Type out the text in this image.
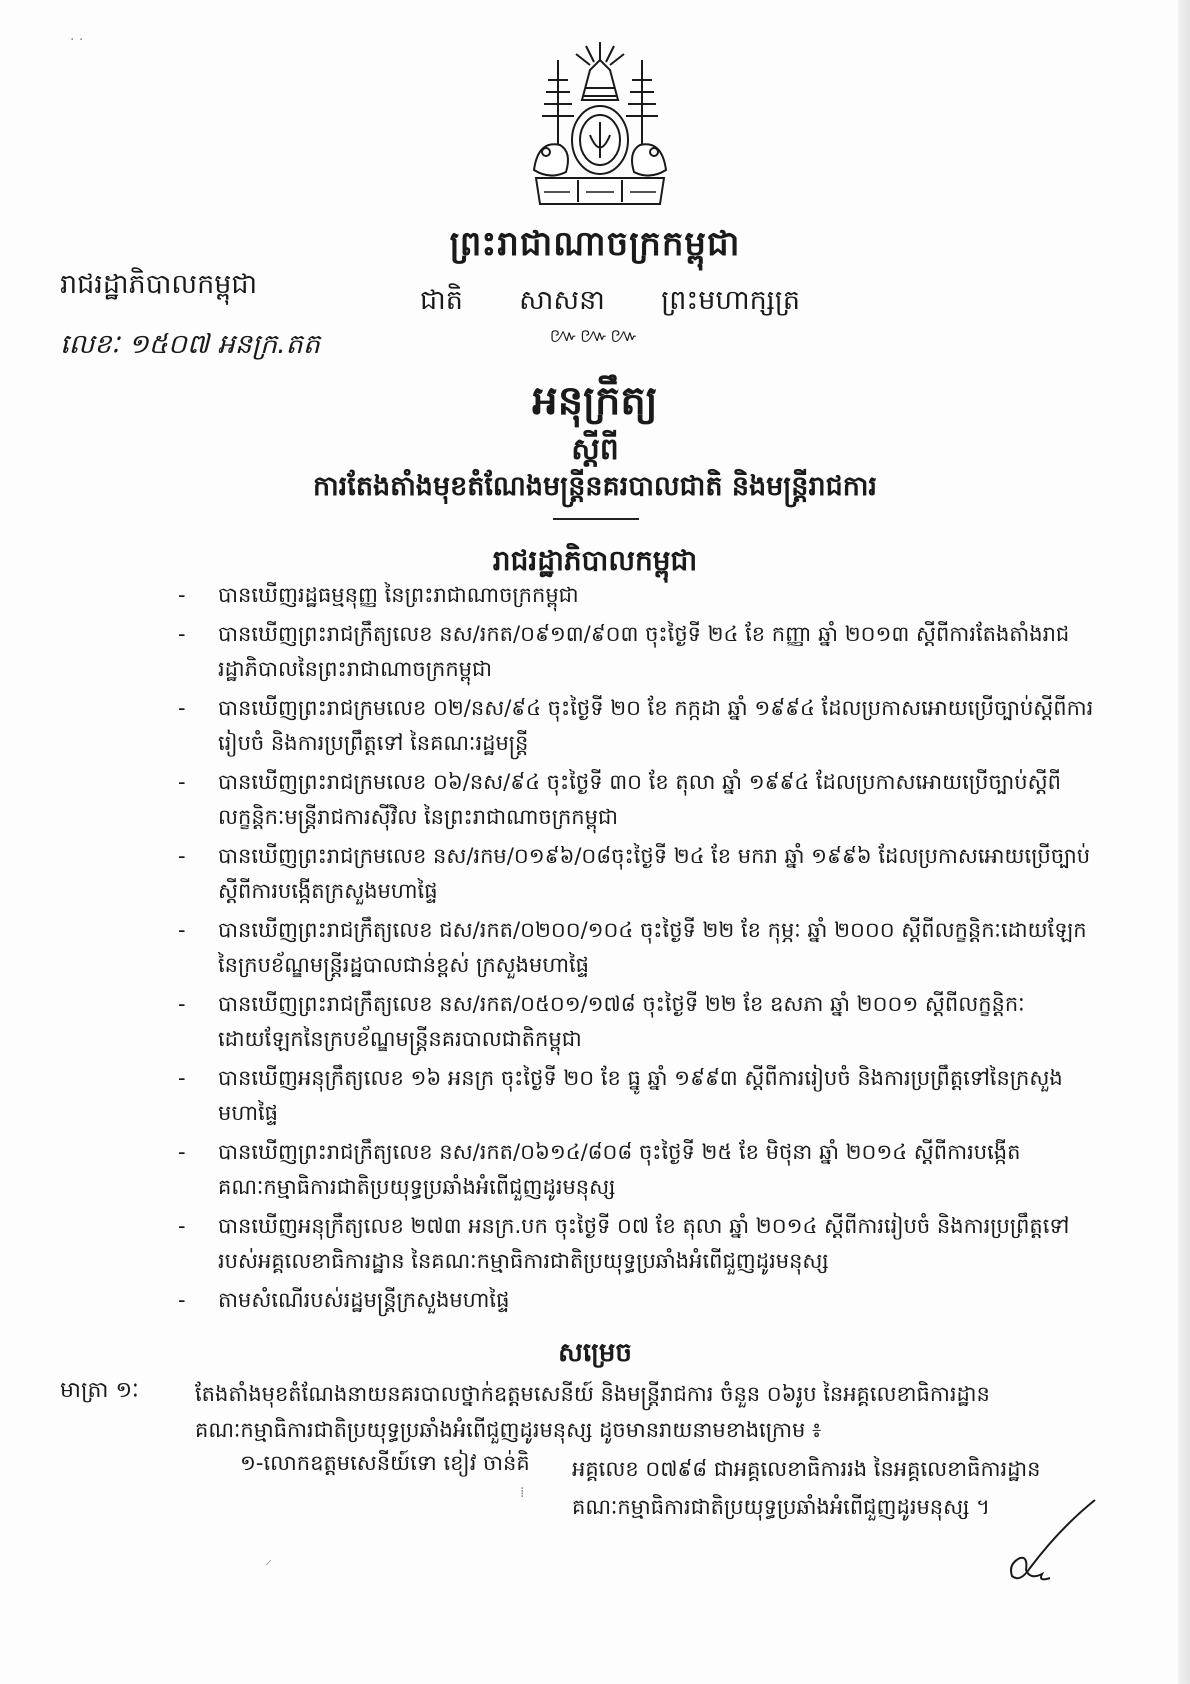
· ·
⸝
⁞
ព្រះរាជាណាចក្រកម្ពុជា
ជាតិ សាសនា ព្រះមហាក្សត្រ
៚៚៚
រាជរដ្ឋាភិបាលកម្ពុជា
លេខៈ ១៥០៧ អនក្រ.តត
អនុក្រឹត្យ
ស្តីពី
ការតែងតាំងមុខតំណែងមន្ត្រីនគរបាលជាតិ និងមន្ត្រីរាជការ
រាជរដ្ឋាភិបាលកម្ពុជា
- បានឃើញរដ្ឋធម្មនុញ្ញ នៃព្រះរាជាណាចក្រកម្ពុជា
- បានឃើញព្រះរាជក្រឹត្យលេខ នស/រកត/០៩១៣/៩០៣ ចុះថ្ងៃទី ២៤ ខែ កញ្ញា ឆ្នាំ ២០១៣ ស្តីពីការតែងតាំងរាជរដ្ឋាភិបាលនៃព្រះរាជាណាចក្រកម្ពុជា
- បានឃើញព្រះរាជក្រមលេខ ០២/នស/៩៤ ចុះថ្ងៃទី ២០ ខែ កក្កដា ឆ្នាំ ១៩៩៤ ដែលប្រកាសអោយប្រើច្បាប់ស្តីពីការរៀបចំ និងការប្រព្រឹត្តទៅ នៃគណៈរដ្ឋមន្ត្រី
- បានឃើញព្រះរាជក្រមលេខ ០៦/នស/៩៤ ចុះថ្ងៃទី ៣០ ខែ តុលា ឆ្នាំ ១៩៩៤ ដែលប្រកាសអោយប្រើច្បាប់ស្តីពីលក្ខន្តិកៈមន្ត្រីរាជការស៊ីវិល នៃព្រះរាជាណាចក្រកម្ពុជា
- បានឃើញព្រះរាជក្រមលេខ នស/រកម/០១៩៦/០៨ចុះថ្ងៃទី ២៤ ខែ មករា ឆ្នាំ ១៩៩៦ ដែលប្រកាសអោយប្រើច្បាប់ស្តីពីការបង្កើតក្រសួងមហាផ្ទៃ
- បានឃើញព្រះរាជក្រឹត្យលេខ ជស/រកត/០២០០/១០៤ ចុះថ្ងៃទី ២២ ខែ កុម្ភៈ ឆ្នាំ ២០០០ ស្តីពីលក្ខន្តិកៈដោយឡែកនៃក្របខ័ណ្ឌមន្ត្រីរដ្ឋបាលជាន់ខ្ពស់ ក្រសួងមហាផ្ទៃ
- បានឃើញព្រះរាជក្រឹត្យលេខ នស/រកត/០៥០១/១៧៨ ចុះថ្ងៃទី ២២ ខែ ឧសភា ឆ្នាំ ២០០១ ស្តីពីលក្ខន្តិកៈដោយឡែកនៃក្របខ័ណ្ឌមន្ត្រីនគរបាលជាតិកម្ពុជា
- បានឃើញអនុក្រឹត្យលេខ ១៦ អនក្រ ចុះថ្ងៃទី ២០ ខែ ធ្នូ ឆ្នាំ ១៩៩៣ ស្តីពីការរៀបចំ និងការប្រព្រឹត្តទៅនៃក្រសួងមហាផ្ទៃ
- បានឃើញព្រះរាជក្រឹត្យលេខ នស/រកត/០៦១៤/៨០៨ ចុះថ្ងៃទី ២៥ ខែ មិថុនា ឆ្នាំ ២០១៤ ស្តីពីការបង្កើតគណៈកម្មាធិការជាតិប្រយុទ្ធប្រឆាំងអំពើជួញដូរមនុស្ស
- បានឃើញអនុក្រឹត្យលេខ ២៧៣ អនក្រ.បក ចុះថ្ងៃទី ០៧ ខែ តុលា ឆ្នាំ ២០១៤ ស្តីពីការរៀបចំ និងការប្រព្រឹត្តទៅរបស់អគ្គលេខាធិការដ្ឋាន នៃគណៈកម្មាធិការជាតិប្រយុទ្ធប្រឆាំងអំពើជួញដូរមនុស្ស
- តាមសំណើរបស់រដ្ឋមន្ត្រីក្រសួងមហាផ្ទៃ
សម្រេច
មាត្រា ១ៈ	តែងតាំងមុខតំណែងនាយនគរបាលថ្នាក់ឧត្តមសេនីយ៍ និងមន្ត្រីរាជការ ចំនួន ០៦រូប នៃអគ្គលេខាធិការដ្ឋានគណៈកម្មាធិការជាតិប្រយុទ្ធប្រឆាំងអំពើជួញដូរមនុស្ស ដូចមានរាយនាមខាងក្រោម ៖
១-លោកឧត្តមសេនីយ៍ទោ ខៀវ ចាន់គិ អគ្គលេខ ០៧៩៨ ជាអគ្គលេខាធិការរង នៃអគ្គលេខាធិការដ្ឋានគណៈកម្មាធិការជាតិប្រយុទ្ធប្រឆាំងអំពើជួញដូរមនុស្ស ។
